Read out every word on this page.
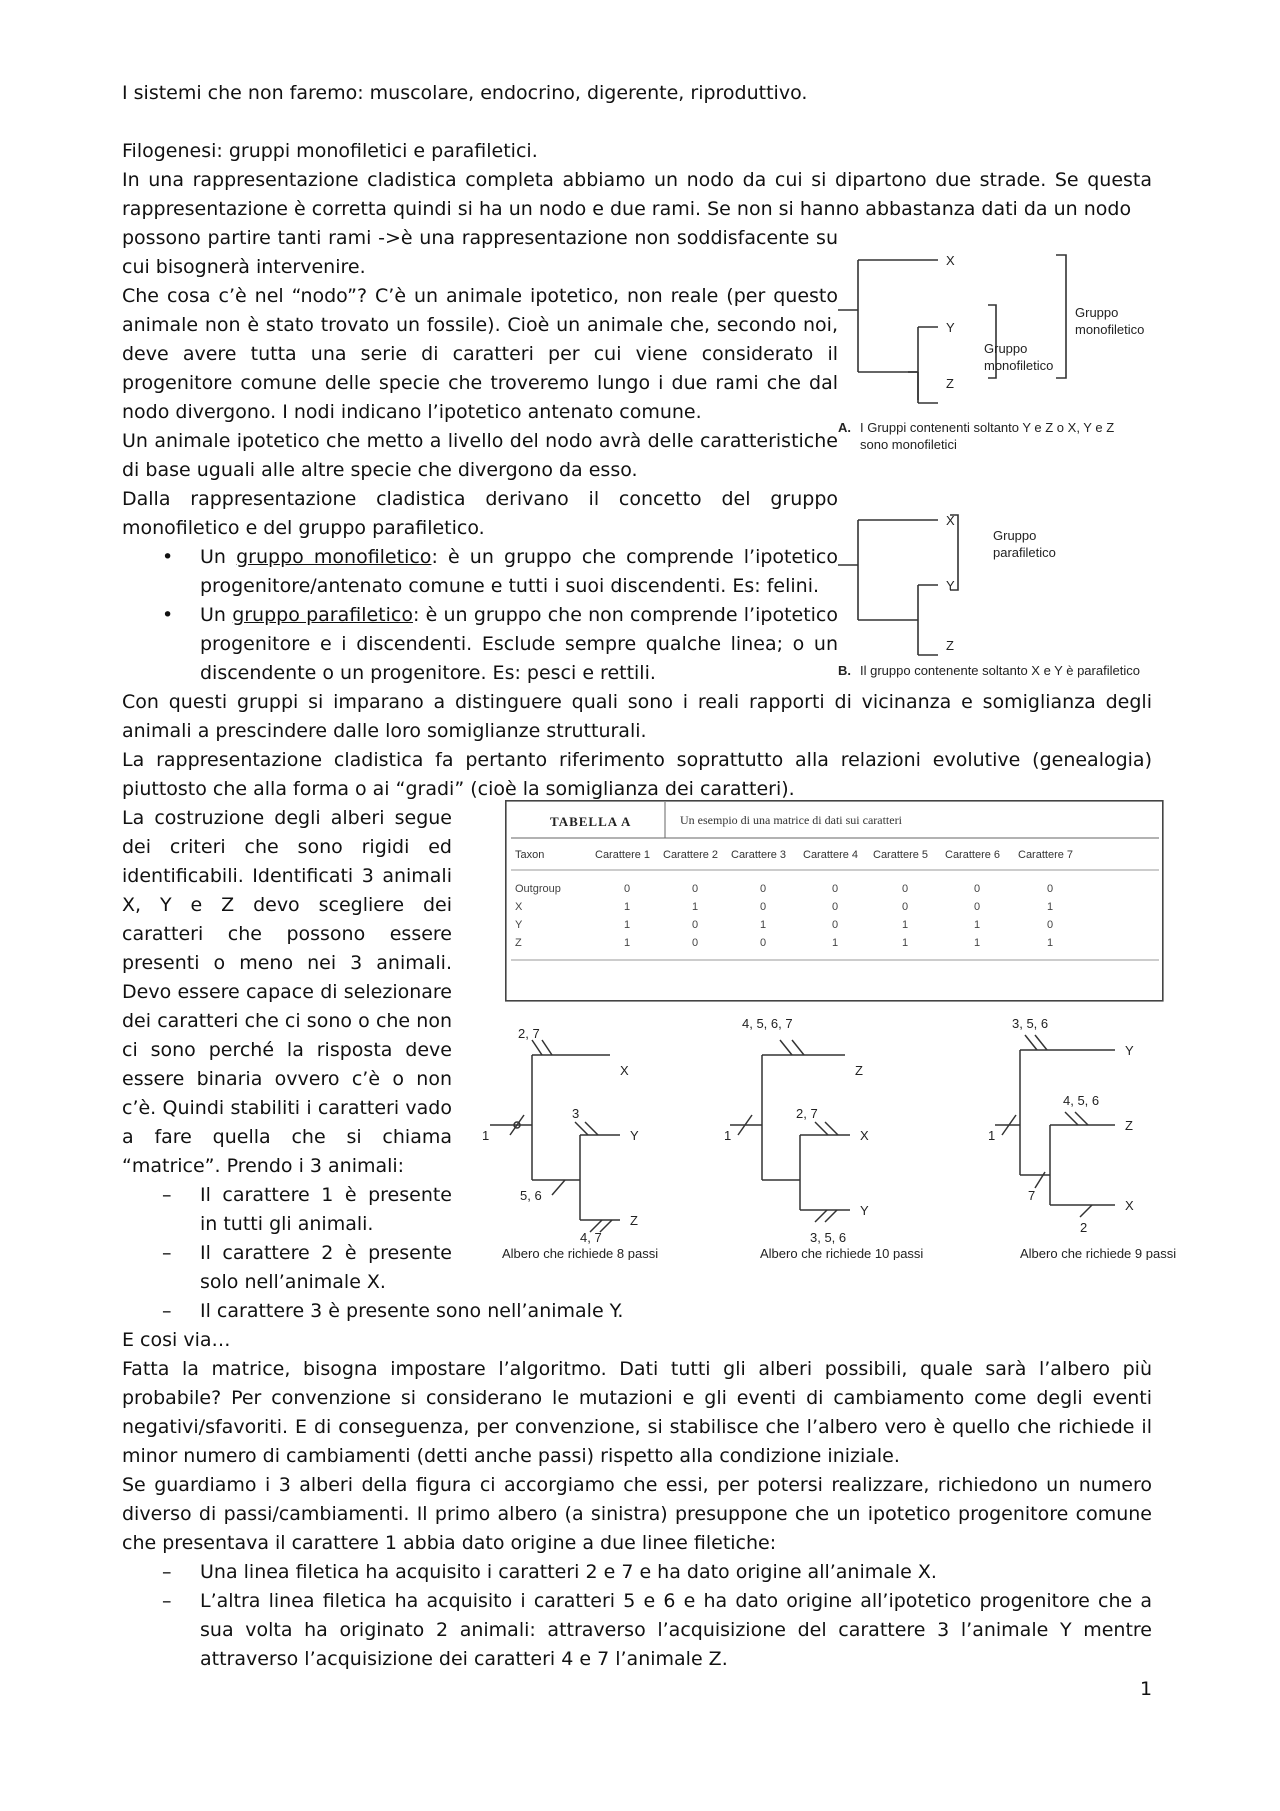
I sistemi che non faremo: muscolare, endocrino, digerente, riproduttivo.

Filogenesi: gruppi monofiletici e parafiletici.

In una rappresentazione cladistica completa abbiamo un nodo da cui si dipartono due strade. Se questa rappresentazione è corretta quindi si ha un nodo e due rami. Se non si hanno abbastanza dati da un nodo

possono partire tanti rami ->è una rappresentazione non soddisfacente su cui bisognerà intervenire.

Che cosa c’è nel “nodo”? C’è un animale ipotetico, non reale (per questo animale non è stato trovato un fossile). Cioè un animale che, secondo noi, deve avere tutta una serie di caratteri per cui viene considerato il progenitore comune delle specie che troveremo lungo i due rami che dal nodo divergono. I nodi indicano l’ipotetico antenato comune.

Un animale ipotetico che metto a livello del nodo avrà delle caratteristiche di base uguali alle altre specie che divergono da esso.

Dalla rappresentazione cladistica derivano il concetto del gruppo monofiletico e del gruppo parafiletico.

• Un gruppo monofiletico: è un gruppo che comprende l’ipotetico progenitore/antenato comune e tutti i suoi discendenti. Es: felini.

• Un gruppo parafiletico: è un gruppo che non comprende l’ipotetico progenitore e i discendenti. Esclude sempre qualche linea; o un discendente o un progenitore. Es: pesci e rettili.

Con questi gruppi si imparano a distinguere quali sono i reali rapporti di vicinanza e somiglianza degli animali a prescindere dalle loro somiglianze strutturali.

La rappresentazione cladistica fa pertanto riferimento soprattutto alla relazioni evolutive (genealogia) piuttosto che alla forma o ai “gradi” (cioè la somiglianza dei caratteri).

La costruzione degli alberi segue dei criteri che sono rigidi ed identificabili. Identificati 3 animali X, Y e Z devo scegliere dei caratteri che possono essere presenti o meno nei 3 animali. Devo essere capace di selezionare dei caratteri che ci sono o che non ci sono perché la risposta deve essere binaria ovvero c’è o non c’è. Quindi stabiliti i caratteri vado a fare quella che si chiama “matrice”. Prendo i 3 animali:

– Il carattere 1 è presente in tutti gli animali.

– Il carattere 2 è presente solo nell’animale X.

– Il carattere 3 è presente sono nell’animale Y.

E cosi via…

Fatta la matrice, bisogna impostare l’algoritmo. Dati tutti gli alberi possibili, quale sarà l’albero più probabile? Per convenzione si considerano le mutazioni e gli eventi di cambiamento come degli eventi negativi/sfavoriti. E di conseguenza, per convenzione, si stabilisce che l’albero vero è quello che richiede il minor numero di cambiamenti (detti anche passi) rispetto alla condizione iniziale.

Se guardiamo i 3 alberi della figura ci accorgiamo che essi, per potersi realizzare, richiedono un numero diverso di passi/cambiamenti. Il primo albero (a sinistra) presuppone che un ipotetico progenitore comune che presentava il carattere 1 abbia dato origine a due linee filetiche:

– Una linea filetica ha acquisito i caratteri 2 e 7 e ha dato origine all’animale X.

– L’altra linea filetica ha acquisito i caratteri 5 e 6 e ha dato origine all’ipotetico progenitore che a sua volta ha originato 2 animali: attraverso l’acquisizione del carattere 3 l’animale Y mentre attraverso l’acquisizione dei caratteri 4 e 7 l’animale Z.

1

X
Y
Z
Gruppo
monofiletico
Gruppo
monofiletico
A. I Gruppi contenenti soltanto Y e Z o X, Y e Z
sono monofiletici
X
Y
Z
Gruppo
parafiletico
B. Il gruppo contenente soltanto X e Y è parafiletico
TABELLA A	Un esempio di una matrice di dati sui caratteri
Taxon	Carattere 1 Carattere 2 Carattere 3 Carattere 4 Carattere 5 Carattere 6 Carattere 7
Outgroup	0	0	0	0	0	0	0
X	1	1	0	0	0	0	1
Y	1	0	1	0	1	1	0
Z	1	0	0	1	1	1	1
2, 7
1
3
5, 6
4, 7
X
Y
Z
Albero che richiede 8 passi
4, 5, 6, 7
1
2, 7
3, 5, 6
Z
X
Y
Albero che richiede 10 passi
3, 5, 6
1
4, 5, 6
7
2
Y
Z
X
Albero che richiede 9 passi
